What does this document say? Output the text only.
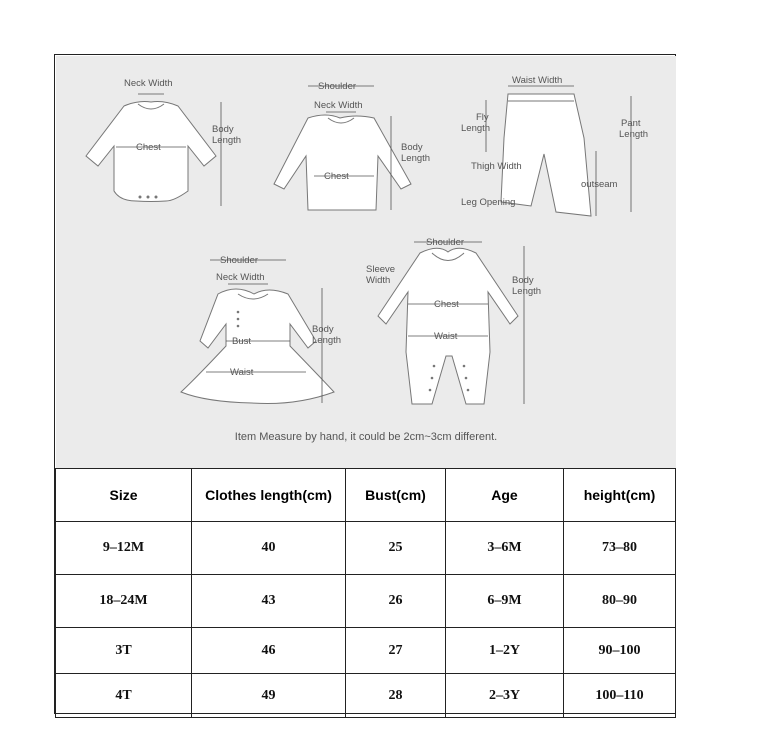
Neck Width
Chest
Body
Length
Shoulder
Neck Width
Chest
Body
Length
Waist Width
Fly
Length	Pant
Length
Thigh Width
outseam
Leg Opening
Shoulder
Neck Width
Bust
Waist
Body
Length
Shoulder
Sleeve
Width
Chest
Waist
Body
Length
Item Measure by hand, it could be 2cm~3cm different.
Size	Clothes length(cm)	Bust(cm)	Age	height(cm)
9–12M	40	25	3–6M	73–80
18–24M	43	26	6–9M	80–90
3T	46	27	1–2Y	90–100
4T	49	28	2–3Y	100–110
